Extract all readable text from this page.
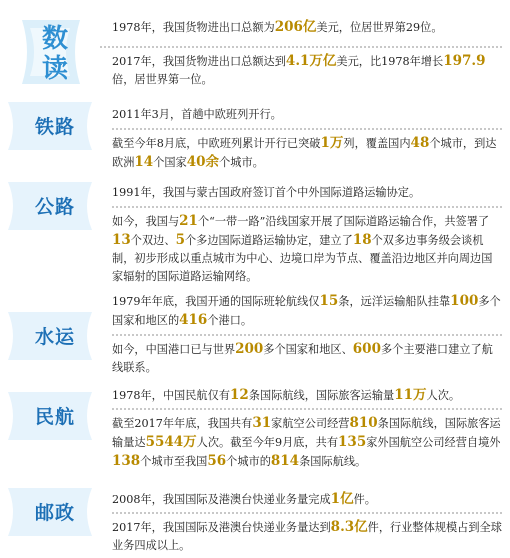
数读
1978年，我国货物进出口总额为206亿美元，位居世界第29位。
2017年，我国货物进出口总额达到4.1万亿美元，比1978年增长197.9倍，居世界第一位。
铁路
2011年3月，首趟中欧班列开行。
截至今年8月底，中欧班列累计开行已突破1万列，覆盖国内48个城市，到达欧洲14个国家40余个城市。
公路
1991年，我国与蒙古国政府签订首个中外国际道路运输协定。
如今，我国与21个“一带一路”沿线国家开展了国际道路运输合作，共签署了13个双边、5个多边国际道路运输协定，建立了18个双多边事务级会谈机制，初步形成以重点城市为中心、边境口岸为节点、覆盖沿边地区并向周边国家辐射的国际道路运输网络。
水运
1979年年底，我国开通的国际班轮航线仅15条，远洋运输船队挂靠100多个国家和地区的416个港口。
如今，中国港口已与世界200多个国家和地区、600多个主要港口建立了航线联系。
民航
1978年，中国民航仅有12条国际航线，国际旅客运输量11万人次。
截至2017年年底，我国共有31家航空公司经营810条国际航线，国际旅客运输量达5544万人次。截至今年9月底，共有135家外国航空公司经营自境外138个城市至我国56个城市的814条国际航线。
邮政
2008年，我国国际及港澳台快递业务量完成1亿件。
2017年，我国国际及港澳台快递业务量达到8.3亿件，行业整体规模占到全球业务四成以上。
